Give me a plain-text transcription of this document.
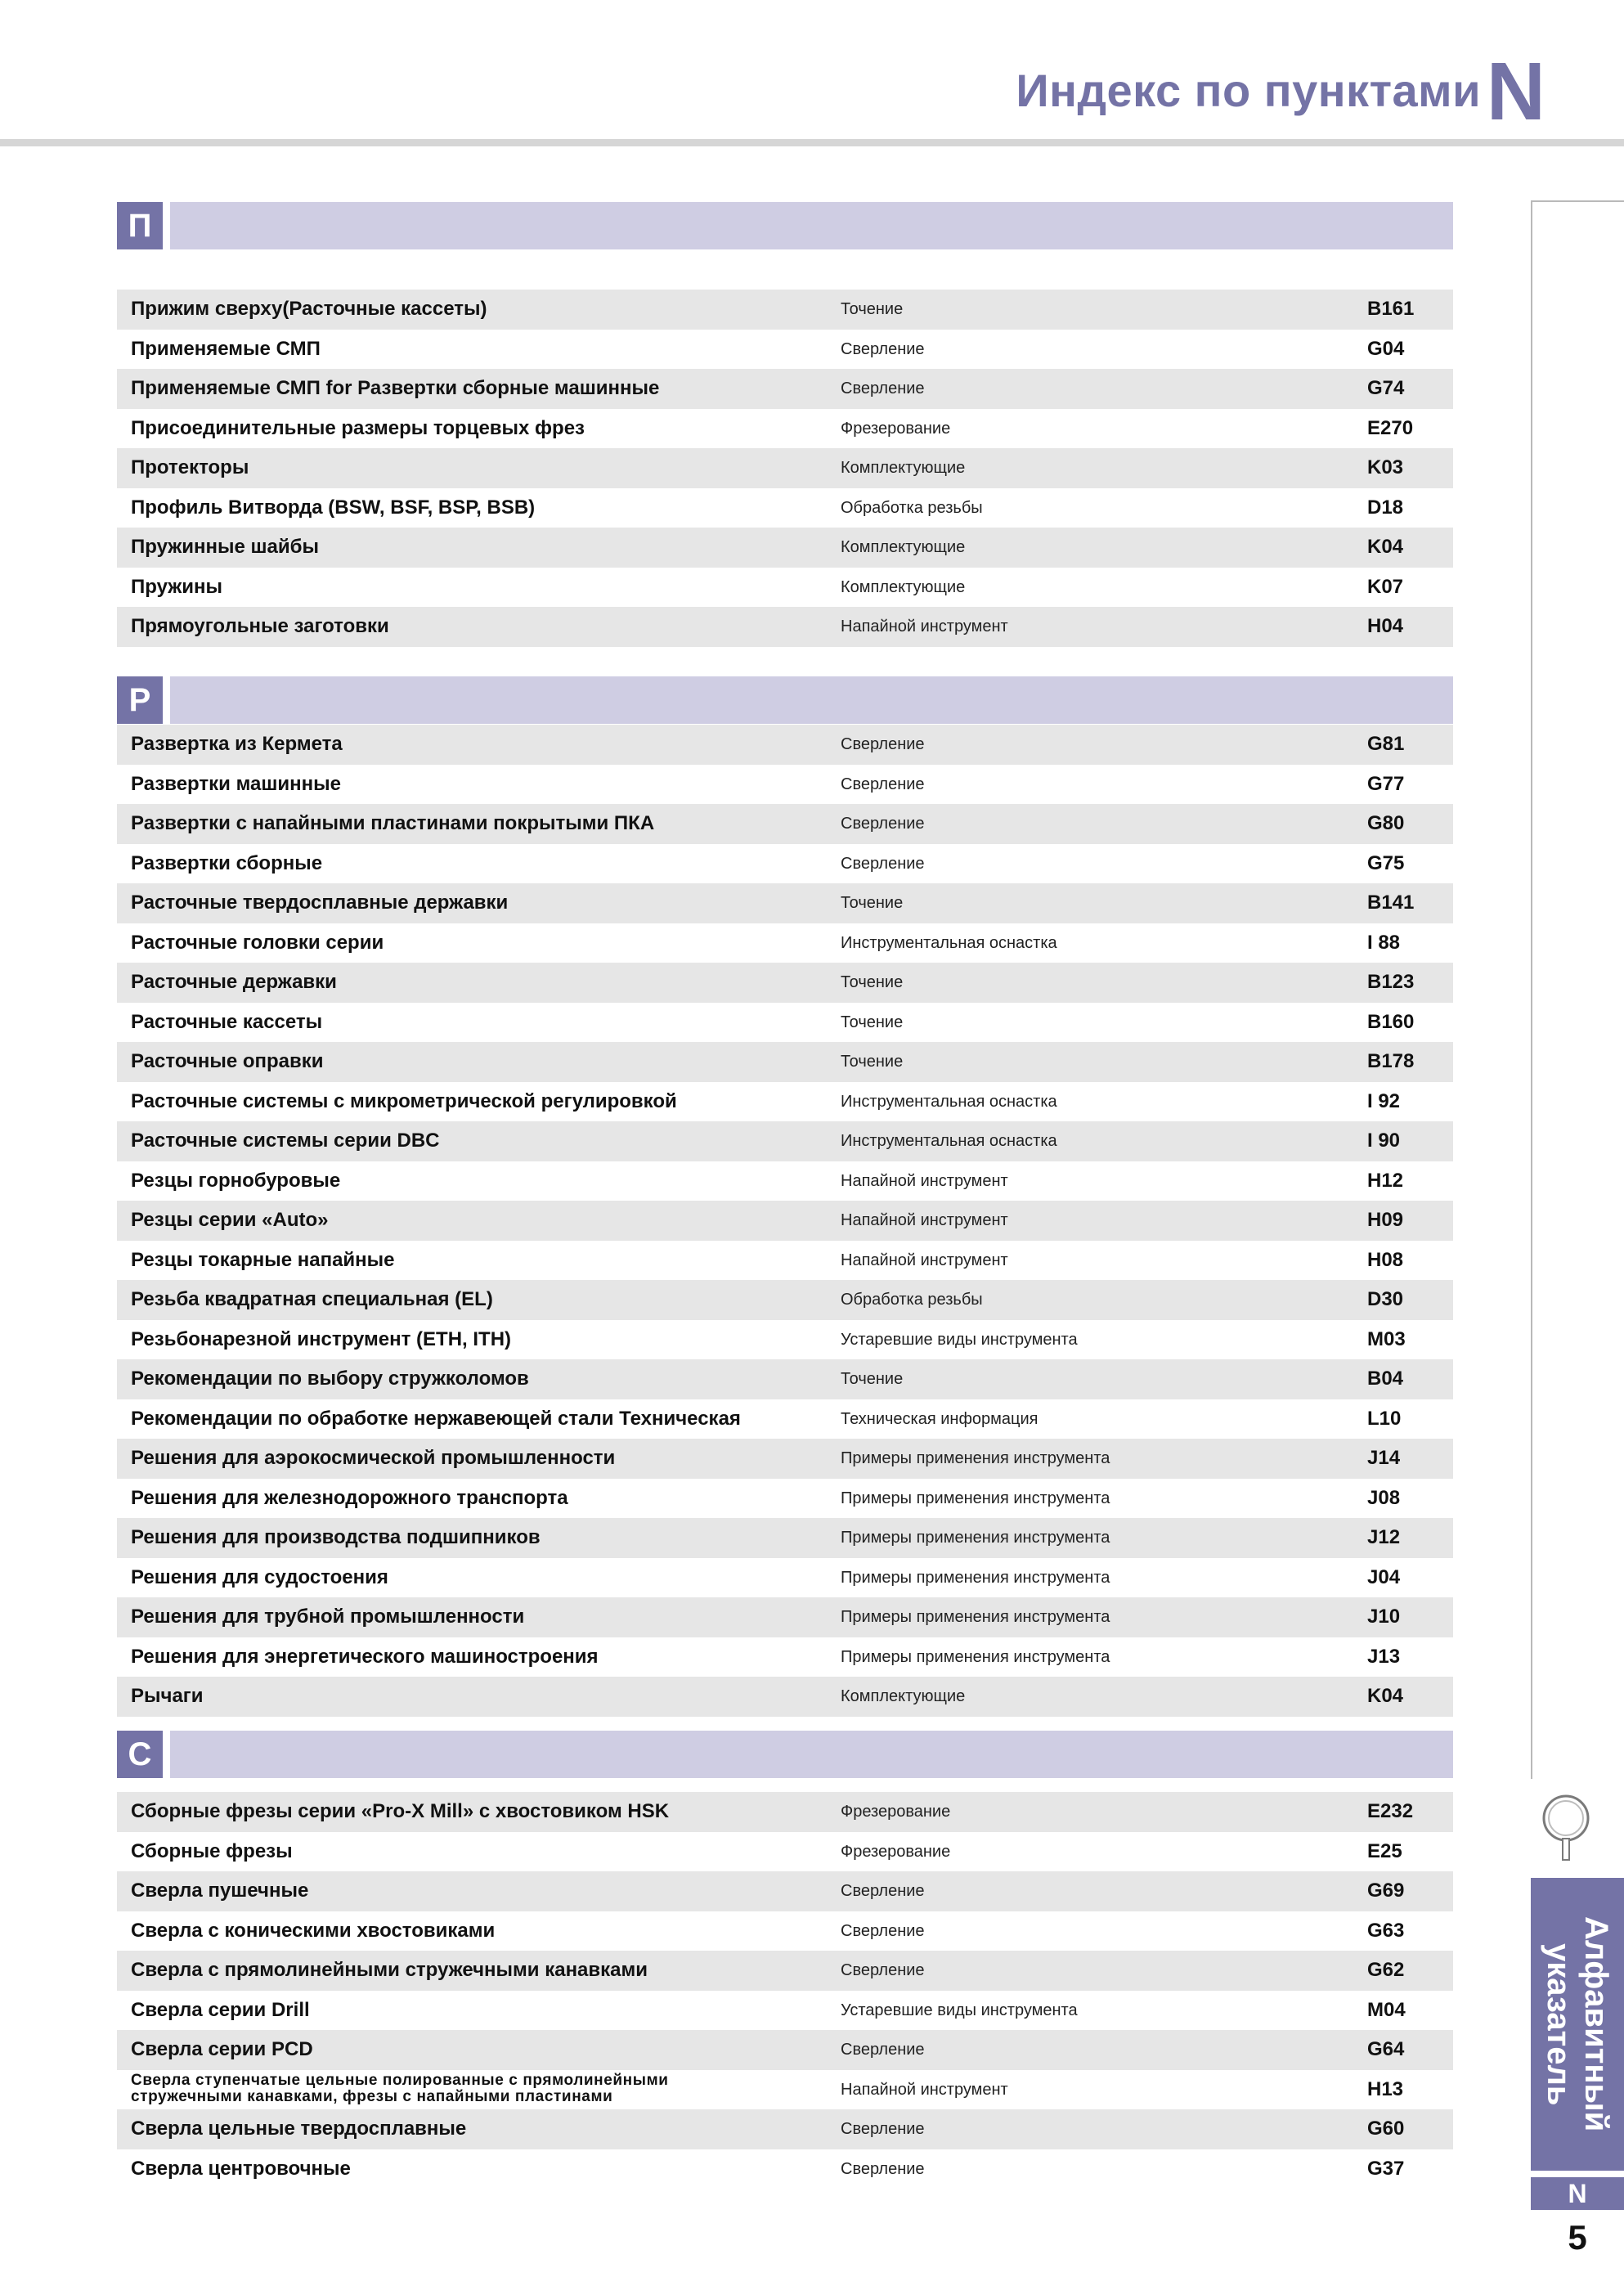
Индекс по пунктами N
Алфавитный
указатель
N
5
П
Прижим сверху(Расточные кассеты)	Точение	B161
Применяемые СМП	Сверление	G04
Применяемые СМП for Развертки сборные машинные	Сверление	G74
Присоединительные размеры торцевых фрез	Фрезерование	E270
Протекторы	Комплектующие	K03
Профиль Витворда (BSW, BSF, BSP, BSB)	Обработка резьбы	D18
Пружинные шайбы	Комплектующие	K04
Пружины	Комплектующие	K07
Прямоугольные заготовки	Напайной инструмент	H04
Р
Развертка из Кермета	Сверление	G81
Развертки машинные	Сверление	G77
Развертки с напайными пластинами покрытыми ПКА	Сверление	G80
Развертки сборные	Сверление	G75
Расточные твердосплавные державки	Точение	B141
Расточные головки серии	Инструментальная оснастка	I 88
Расточные державки	Точение	B123
Расточные кассеты	Точение	B160
Расточные оправки	Точение	B178
Расточные системы с микрометрической регулировкой	Инструментальная оснастка	I 92
Расточные системы серии DBC	Инструментальная оснастка	I 90
Резцы горнобуровые	Напайной инструмент	H12
Резцы серии «Auto»	Напайной инструмент	H09
Резцы токарные напайные	Напайной инструмент	H08
Резьба квадратная специальная (EL)	Обработка резьбы	D30
Резьбонарезной инструмент (ETH, ITH)	Устаревшие виды инструмента	M03
Рекомендации по выбору стружколомов	Точение	B04
Рекомендации по обработке нержавеющей стали Техническая	Техническая информация	L10
Решения для аэрокосмической промышленности	Примеры применения инструмента	J14
Решения для железнодорожного транспорта	Примеры применения инструмента	J08
Решения для производства подшипников	Примеры применения инструмента	J12
Решения для судостоения	Примеры применения инструмента	J04
Решения для трубной промышленности	Примеры применения инструмента	J10
Решения для энергетического машиностроения	Примеры применения инструмента	J13
Рычаги	Комплектующие	K04
С
Сборные фрезы серии «Pro-X Mill» с хвостовиком HSK	Фрезерование	E232
Сборные фрезы	Фрезерование	E25
Сверла пушечные	Сверление	G69
Сверла с коническими хвостовиками	Сверление	G63
Сверла с прямолинейными стружечными канавками	Сверление	G62
Сверла серии Drill	Устаревшие виды инструмента	M04
Сверла серии PCD	Сверление	G64
Сверла ступенчатые цельные полированные с прямолинейными
стружечными канавками, фрезы с напайными пластинами	Напайной инструмент	H13
Сверла цельные твердосплавные	Сверление	G60
Сверла центровочные	Сверление	G37
